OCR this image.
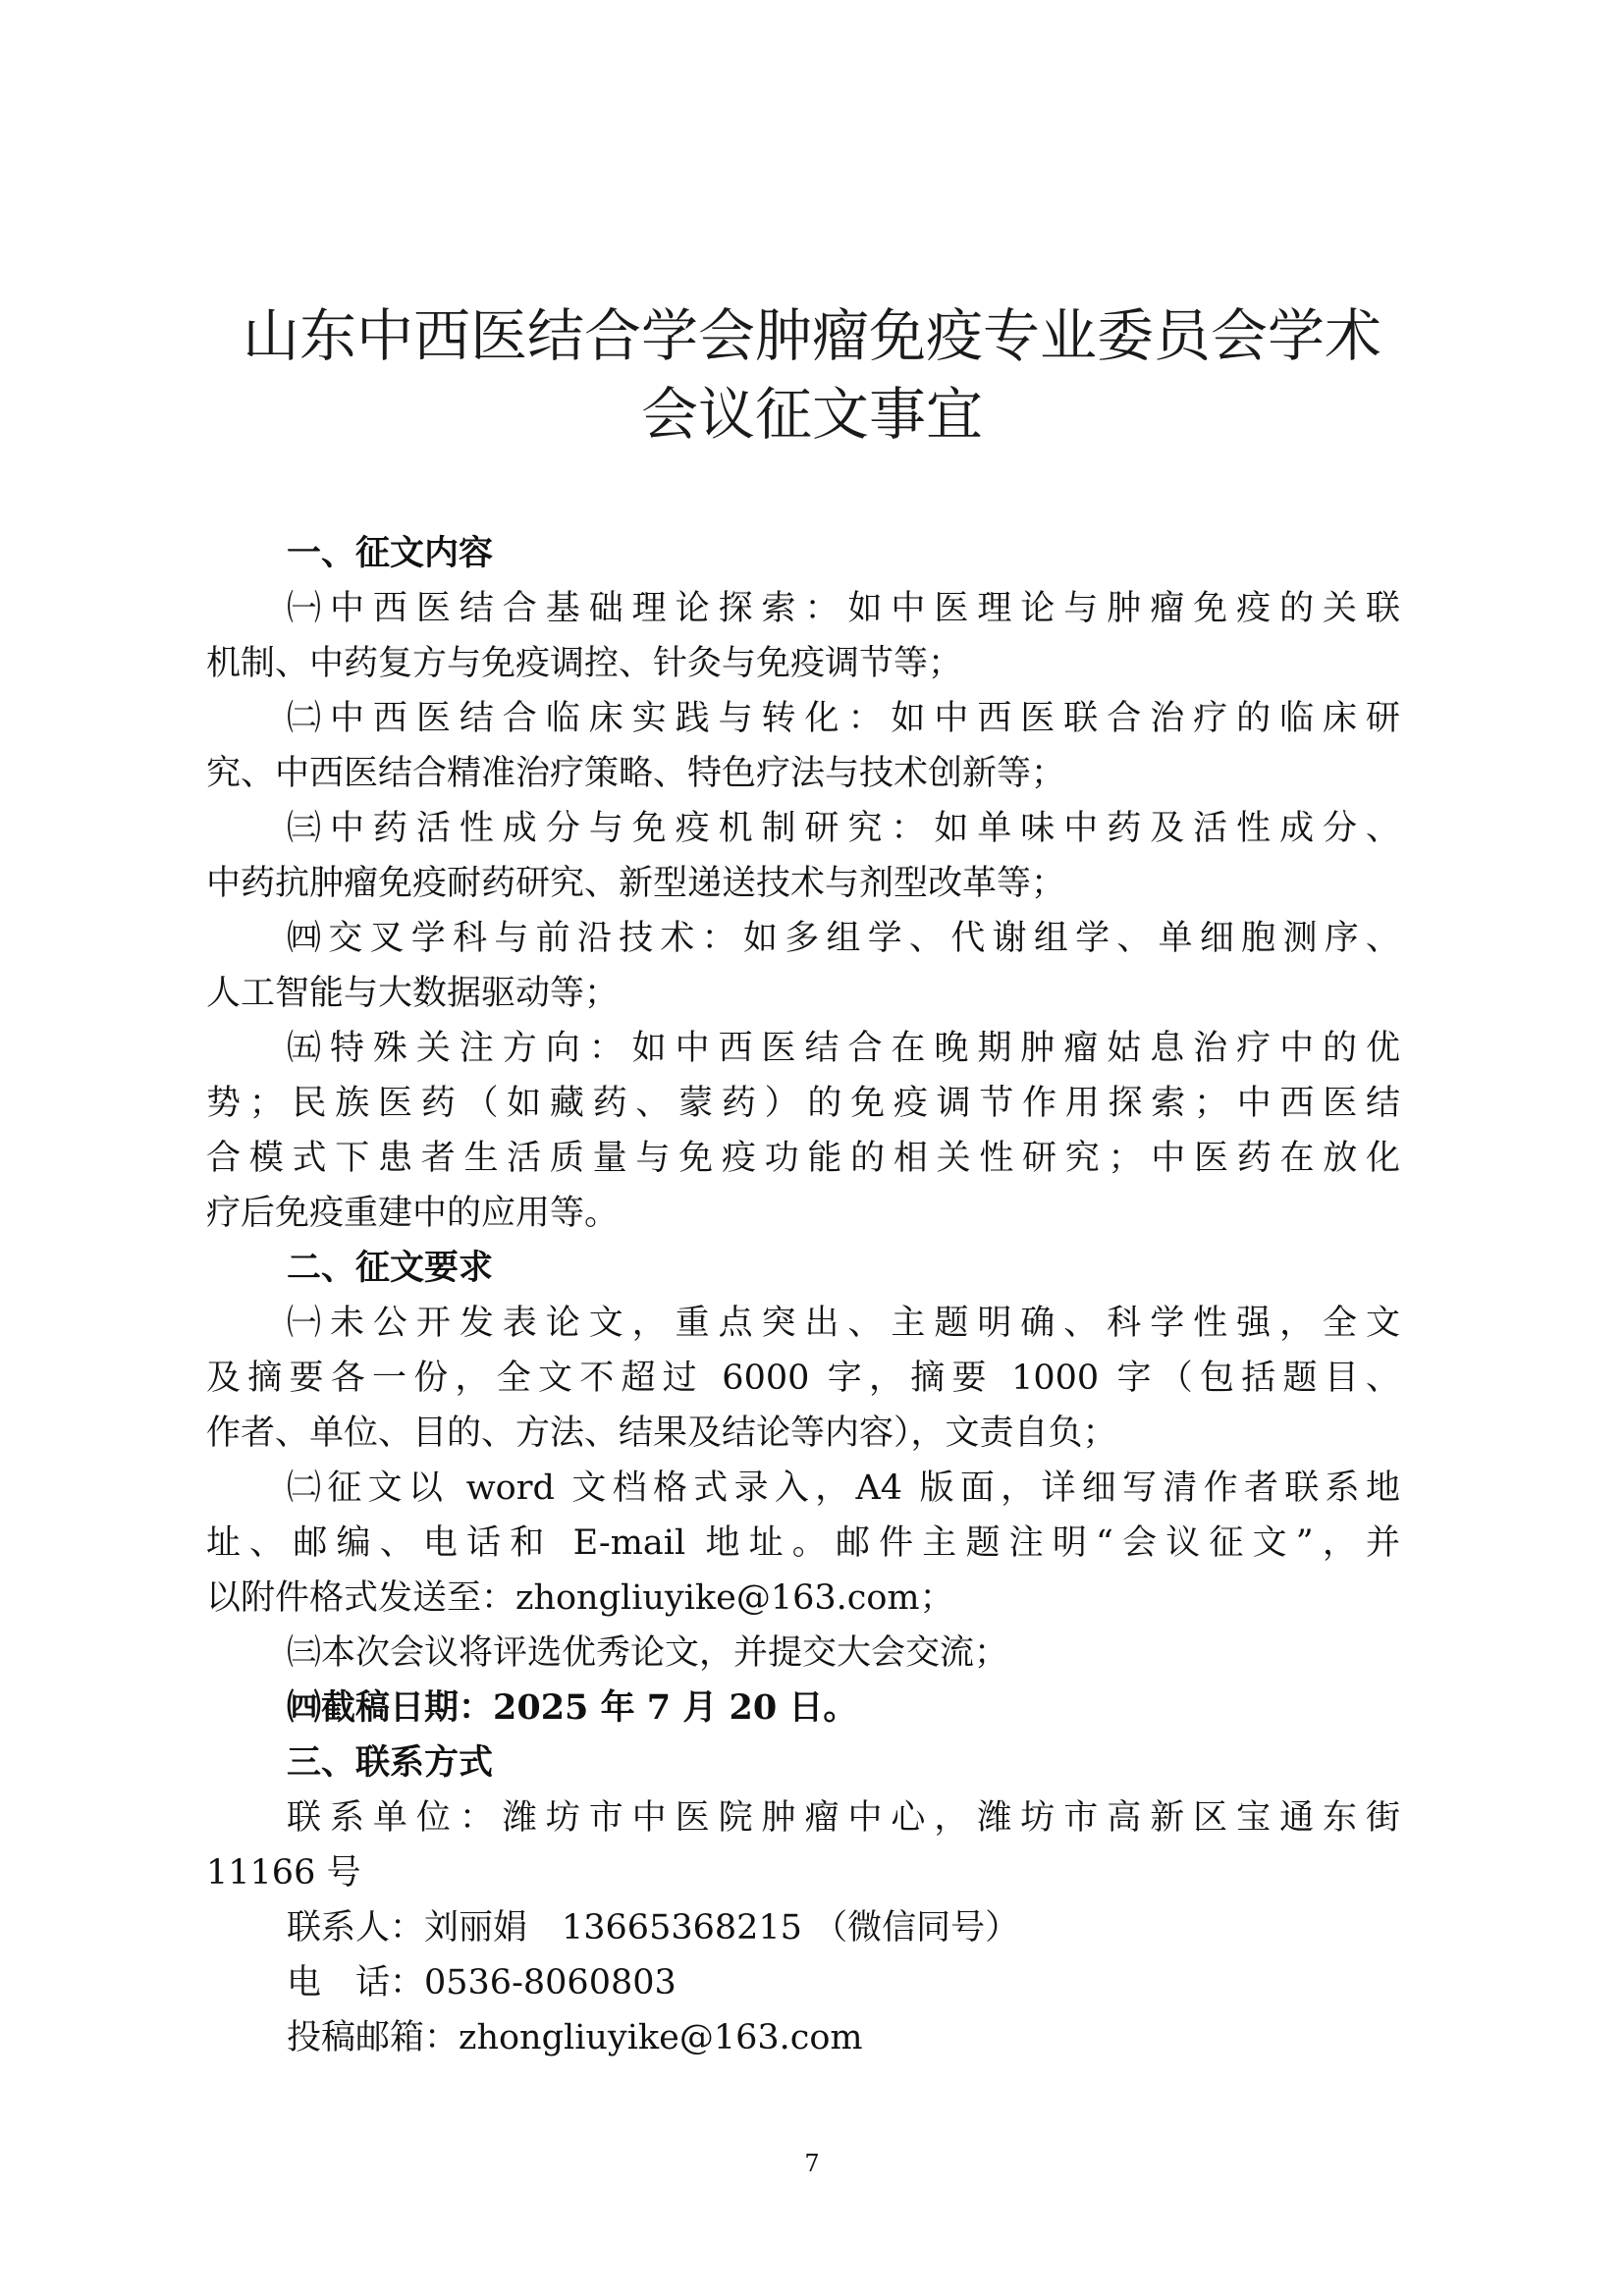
山东中西医结合学会肿瘤免疫专业委员会学术
会议征文事宜
一、征文内容
㈠中西医结合基础理论探索：如中医理论与肿瘤免疫的关联
机制、中药复方与免疫调控、针灸与免疫调节等；
㈡中西医结合临床实践与转化：如中西医联合治疗的临床研
究、中西医结合精准治疗策略、特色疗法与技术创新等；
㈢中药活性成分与免疫机制研究：如单味中药及活性成分、
中药抗肿瘤免疫耐药研究、新型递送技术与剂型改革等；
㈣交叉学科与前沿技术：如多组学、代谢组学、单细胞测序、
人工智能与大数据驱动等；
㈤特殊关注方向：如中西医结合在晚期肿瘤姑息治疗中的优
势；民族医药（如藏药、蒙药）的免疫调节作用探索；中西医结
合模式下患者生活质量与免疫功能的相关性研究；中医药在放化
疗后免疫重建中的应用等。
二、征文要求
㈠未公开发表论文，重点突出、主题明确、科学性强，全文
及摘要各一份，全文不超过 6000 字，摘要 1000 字（包括题目、
作者、单位、目的、方法、结果及结论等内容），文责自负；
㈡征文以 word 文档格式录入，A4 版面，详细写清作者联系地
址、邮编、电话和 E-mail 地址。邮件主题注明“会议征文”，并
以附件格式发送至：zhongliuyike@163.com；
㈢本次会议将评选优秀论文，并提交大会交流；
㈣截稿日期：2025 年 7 月 20 日。
三、联系方式
联系单位：潍坊市中医院肿瘤中心，潍坊市高新区宝通东街
11166 号
联系人：刘丽娟　13665368215 （微信同号）
电　话：0536-8060803
投稿邮箱：zhongliuyike@163.com
7
